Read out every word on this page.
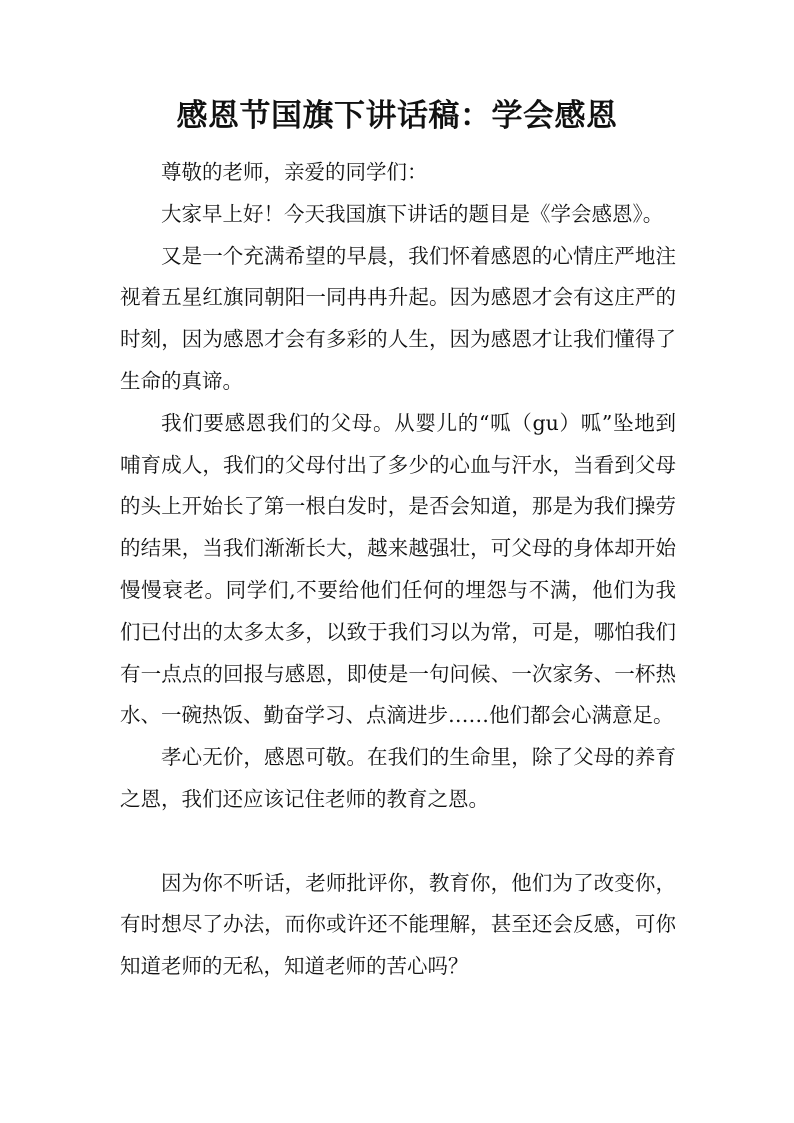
感恩节国旗下讲话稿：学会感恩

尊敬的老师，亲爱的同学们：

大家早上好！今天我国旗下讲话的题目是《学会感恩》。

又是一个充满希望的早晨，我们怀着感恩的心情庄严地注视着五星红旗同朝阳一同冉冉升起。因为感恩才会有这庄严的时刻，因为感恩才会有多彩的人生，因为感恩才让我们懂得了生命的真谛。

我们要感恩我们的父母。从婴儿的“呱（gu）呱”坠地到哺育成人，我们的父母付出了多少的心血与汗水，当看到父母的头上开始长了第一根白发时，是否会知道，那是为我们操劳的结果，当我们渐渐长大，越来越强壮，可父母的身体却开始慢慢衰老。同学们,不要给他们任何的埋怨与不满，他们为我们已付出的太多太多，以致于我们习以为常，可是，哪怕我们有一点点的回报与感恩，即使是一句问候、一次家务、一杯热水、一碗热饭、勤奋学习、点滴进步……他们都会心满意足。

孝心无价，感恩可敬。在我们的生命里，除了父母的养育之恩，我们还应该记住老师的教育之恩。

因为你不听话，老师批评你，教育你，他们为了改变你，有时想尽了办法，而你或许还不能理解，甚至还会反感，可你知道老师的无私，知道老师的苦心吗？
